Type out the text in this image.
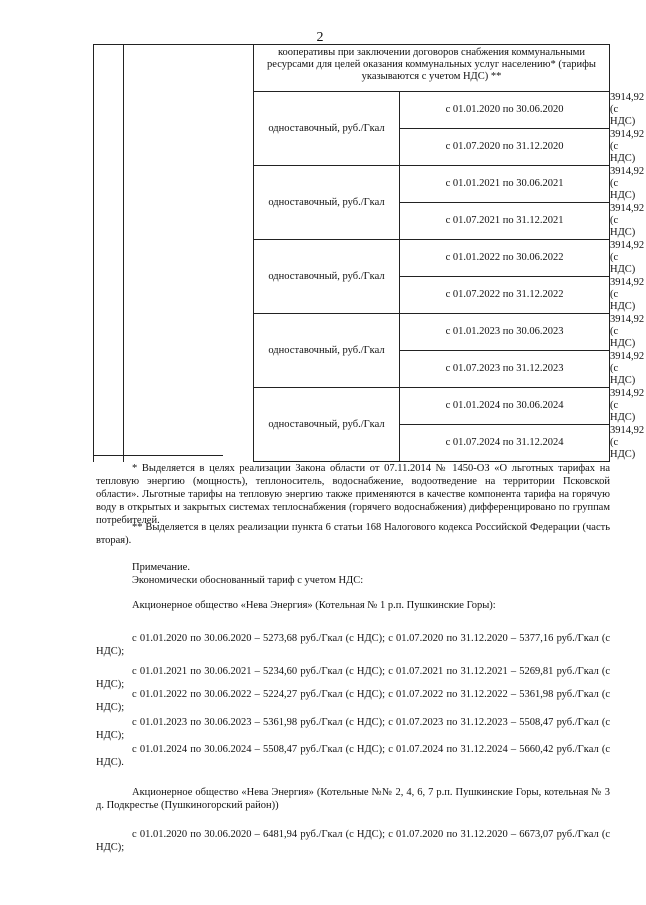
2
		кооперативы при заключении договоров снабжения коммунальными ресурсами для целей оказания коммунальных услуг населению* (тарифы указываются с учетом НДС) **		
		одноставочный, руб./Гкал	с 01.01.2020 по 30.06.2020	3914,92 (с НДС)
			с 01.07.2020 по 31.12.2020	3914,92 (с НДС)
		одноставочный, руб./Гкал	с 01.01.2021 по 30.06.2021	3914,92 (с НДС)
			с 01.07.2021 по 31.12.2021	3914,92 (с НДС)
		одноставочный, руб./Гкал	с 01.01.2022 по 30.06.2022	3914,92 (с НДС)
			с 01.07.2022 по 31.12.2022	3914,92 (с НДС)
		одноставочный, руб./Гкал	с 01.01.2023 по 30.06.2023	3914,92 (с НДС)
			с 01.07.2023 по 31.12.2023	3914,92 (с НДС)
		одноставочный, руб./Гкал	с 01.01.2024 по 30.06.2024	3914,92 (с НДС)
			с 01.07.2024 по 31.12.2024	3914,92 (с НДС)
* Выделяется в целях реализации Закона области от 07.11.2014 № 1450-ОЗ «О льготных тарифах на тепловую энергию (мощность), теплоноситель, водоснабжение, водоотведение на территории Псковской области». Льготные тарифы на тепловую энергию также применяются в качестве компонента тарифа на горячую воду в открытых и закрытых системах теплоснабжения (горячего водоснабжения) дифференцировано по группам потребителей.
** Выделяется в целях реализации пункта 6 статьи 168 Налогового кодекса Российской Федерации (часть вторая).
Примечание.
Экономически обоснованный тариф с учетом НДС:
Акционерное общество «Нева Энергия» (Котельная № 1 р.п. Пушкинские Горы):
с 01.01.2020 по 30.06.2020 – 5273,68 руб./Гкал (с НДС); с 01.07.2020 по 31.12.2020 – 5377,16 руб./Гкал (с НДС);
с 01.01.2021 по 30.06.2021 – 5234,60 руб./Гкал (с НДС); с 01.07.2021 по 31.12.2021 – 5269,81 руб./Гкал (с НДС);
с 01.01.2022 по 30.06.2022 – 5224,27 руб./Гкал (с НДС); с 01.07.2022 по 31.12.2022 – 5361,98 руб./Гкал (с НДС);
с 01.01.2023 по 30.06.2023 – 5361,98 руб./Гкал (с НДС); с 01.07.2023 по 31.12.2023 – 5508,47 руб./Гкал (с НДС);
с 01.01.2024 по 30.06.2024 – 5508,47 руб./Гкал (с НДС); с 01.07.2024 по 31.12.2024 – 5660,42 руб./Гкал (с НДС).
Акционерное общество «Нева Энергия» (Котельные №№ 2, 4, 6, 7 р.п. Пушкинские Горы, котельная № 3 д. Подкрестье (Пушкиногорский район))
с 01.01.2020 по 30.06.2020 – 6481,94 руб./Гкал (с НДС); с 01.07.2020 по 31.12.2020 – 6673,07 руб./Гкал (с НДС);
